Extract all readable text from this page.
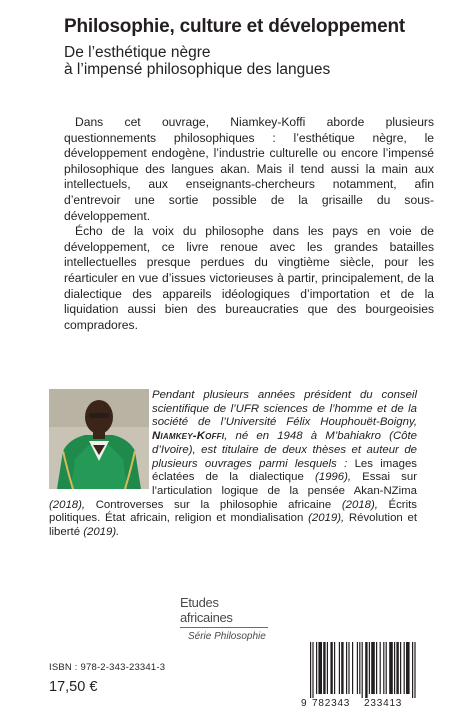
Philosophie, culture et développement
De l’esthétique nègre
à l’impensé philosophique des langues

Dans cet ouvrage, Niamkey-Koffi aborde plusieurs questionnements philosophiques : l’esthétique nègre, le développement endogène, l’industrie culturelle ou encore l’impensé philosophique des langues akan. Mais il tend aussi la main aux intellectuels, aux enseignants-chercheurs notamment, afin d’entrevoir une sortie possible de la grisaille du sous-développement.

Écho de la voix du philosophe dans les pays en voie de développement, ce livre renoue avec les grandes batailles intellectuelles presque perdues du vingtième siècle, pour les réarticuler en vue d’issues victorieuses à partir, principalement, de la dialectique des appareils idéologiques d’importation et de la liquidation aussi bien des bureaucraties que des bourgeoisies compradores.

Pendant plusieurs années président du conseil scientifique de l’UFR sciences de l’homme et de la société de l’Université Félix Houphouët-Boigny, Niamkey-Koffi, né en 1948 à M’bahiakro (Côte d’Ivoire), est titulaire de deux thèses et auteur de plusieurs ouvrages parmi lesquels : Les images éclatées de la dialectique (1996), Essai sur l’articulation logique de la pensée Akan-NZima (2018), Controverses sur la philosophie africaine (2018), Écrits politiques. État africain, religion et mondialisation (2019), Révolution et liberté (2019).
Etudes africaines
Série Philosophie
ISBN : 978-2-343-23341-3
17,50 €
9 782343 233413
